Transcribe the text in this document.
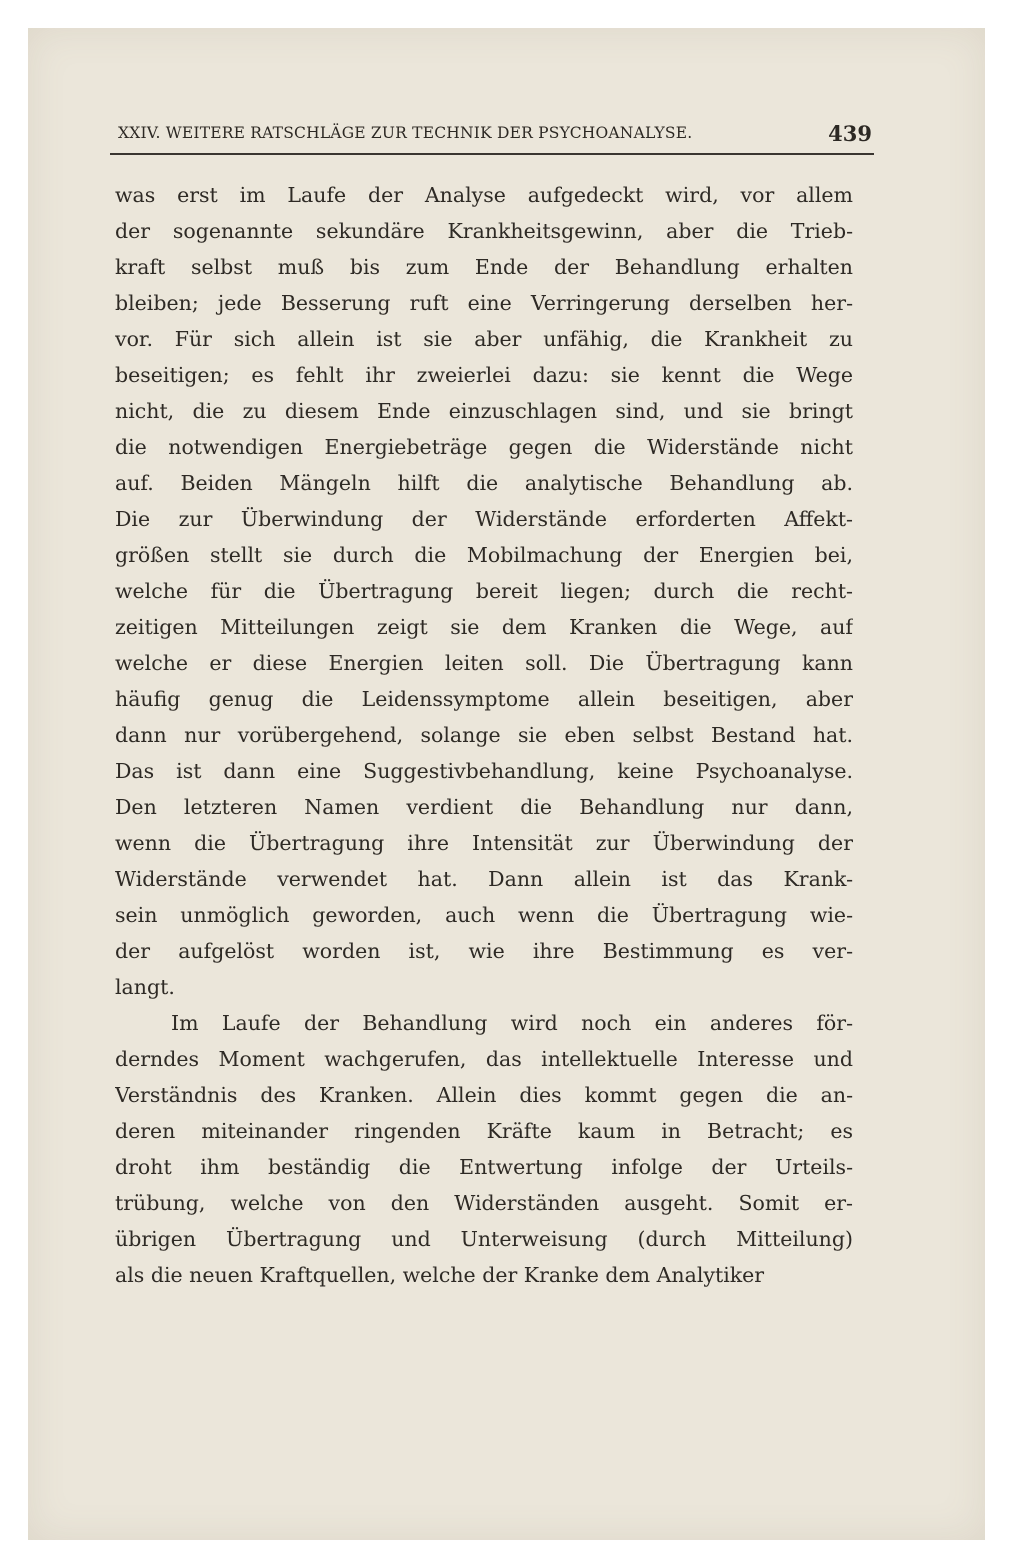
XXIV. WEITERE RATSCHLÄGE ZUR TECHNIK DER PSYCHOANALYSE.	439
was erst im Laufe der Analyse aufgedeckt wird, vor allem
der sogenannte sekundäre Krankheitsgewinn, aber die Trieb-
kraft selbst muß bis zum Ende der Behandlung erhalten
bleiben; jede Besserung ruft eine Verringerung derselben her-
vor. Für sich allein ist sie aber unfähig, die Krankheit zu
beseitigen; es fehlt ihr zweierlei dazu: sie kennt die Wege
nicht, die zu diesem Ende einzuschlagen sind, und sie bringt
die notwendigen Energiebeträge gegen die Widerstände nicht
auf. Beiden Mängeln hilft die analytische Behandlung ab.
Die zur Überwindung der Widerstände erforderten Affekt-
größen stellt sie durch die Mobilmachung der Energien bei,
welche für die Übertragung bereit liegen; durch die recht-
zeitigen Mitteilungen zeigt sie dem Kranken die Wege, auf
welche er diese Energien leiten soll. Die Übertragung kann
häufig genug die Leidenssymptome allein beseitigen, aber
dann nur vorübergehend, solange sie eben selbst Bestand hat.
Das ist dann eine Suggestivbehandlung, keine Psychoanalyse.
Den letzteren Namen verdient die Behandlung nur dann,
wenn die Übertragung ihre Intensität zur Überwindung der
Widerstände verwendet hat. Dann allein ist das Krank-
sein unmöglich geworden, auch wenn die Übertragung wie-
der aufgelöst worden ist, wie ihre Bestimmung es ver-
langt.
Im Laufe der Behandlung wird noch ein anderes för-
derndes Moment wachgerufen, das intellektuelle Interesse und
Verständnis des Kranken. Allein dies kommt gegen die an-
deren miteinander ringenden Kräfte kaum in Betracht; es
droht ihm beständig die Entwertung infolge der Urteils-
trübung, welche von den Widerständen ausgeht. Somit er-
übrigen Übertragung und Unterweisung (durch Mitteilung)
als die neuen Kraftquellen, welche der Kranke dem Analytiker
